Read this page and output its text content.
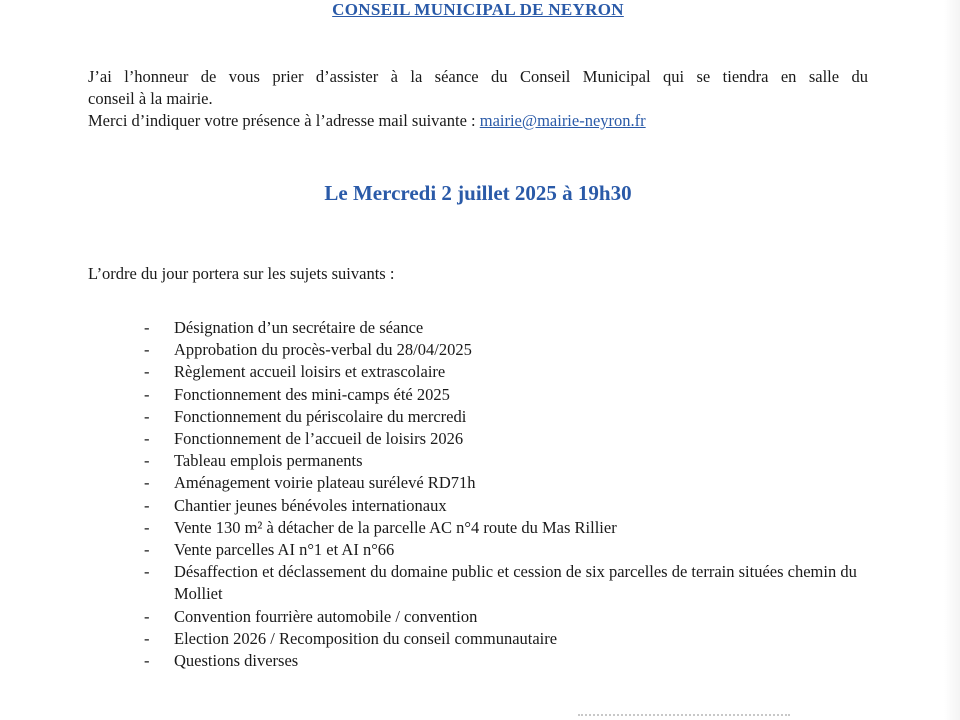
CONSEIL MUNICIPAL DE NEYRON
J’ai l’honneur de vous prier d’assister à la séance du Conseil Municipal qui se tiendra en salle du
conseil à la mairie.
Merci d’indiquer votre présence à l’adresse mail suivante : mairie@mairie-neyron.fr
Le Mercredi 2 juillet 2025 à 19h30
L’ordre du jour portera sur les sujets suivants :
- Désignation d’un secrétaire de séance
- Approbation du procès-verbal du 28/04/2025
- Règlement accueil loisirs et extrascolaire
- Fonctionnement des mini-camps été 2025
- Fonctionnement du périscolaire du mercredi
- Fonctionnement de l’accueil de loisirs 2026
- Tableau emplois permanents
- Aménagement voirie plateau surélevé RD71h
- Chantier jeunes bénévoles internationaux
- Vente 130 m² à détacher de la parcelle AC n°4 route du Mas Rillier
- Vente parcelles AI n°1 et AI n°66
- Désaffection et déclassement du domaine public et cession de six parcelles de terrain situées chemin du Molliet
- Convention fourrière automobile / convention
- Election 2026 / Recomposition du conseil communautaire
- Questions diverses
